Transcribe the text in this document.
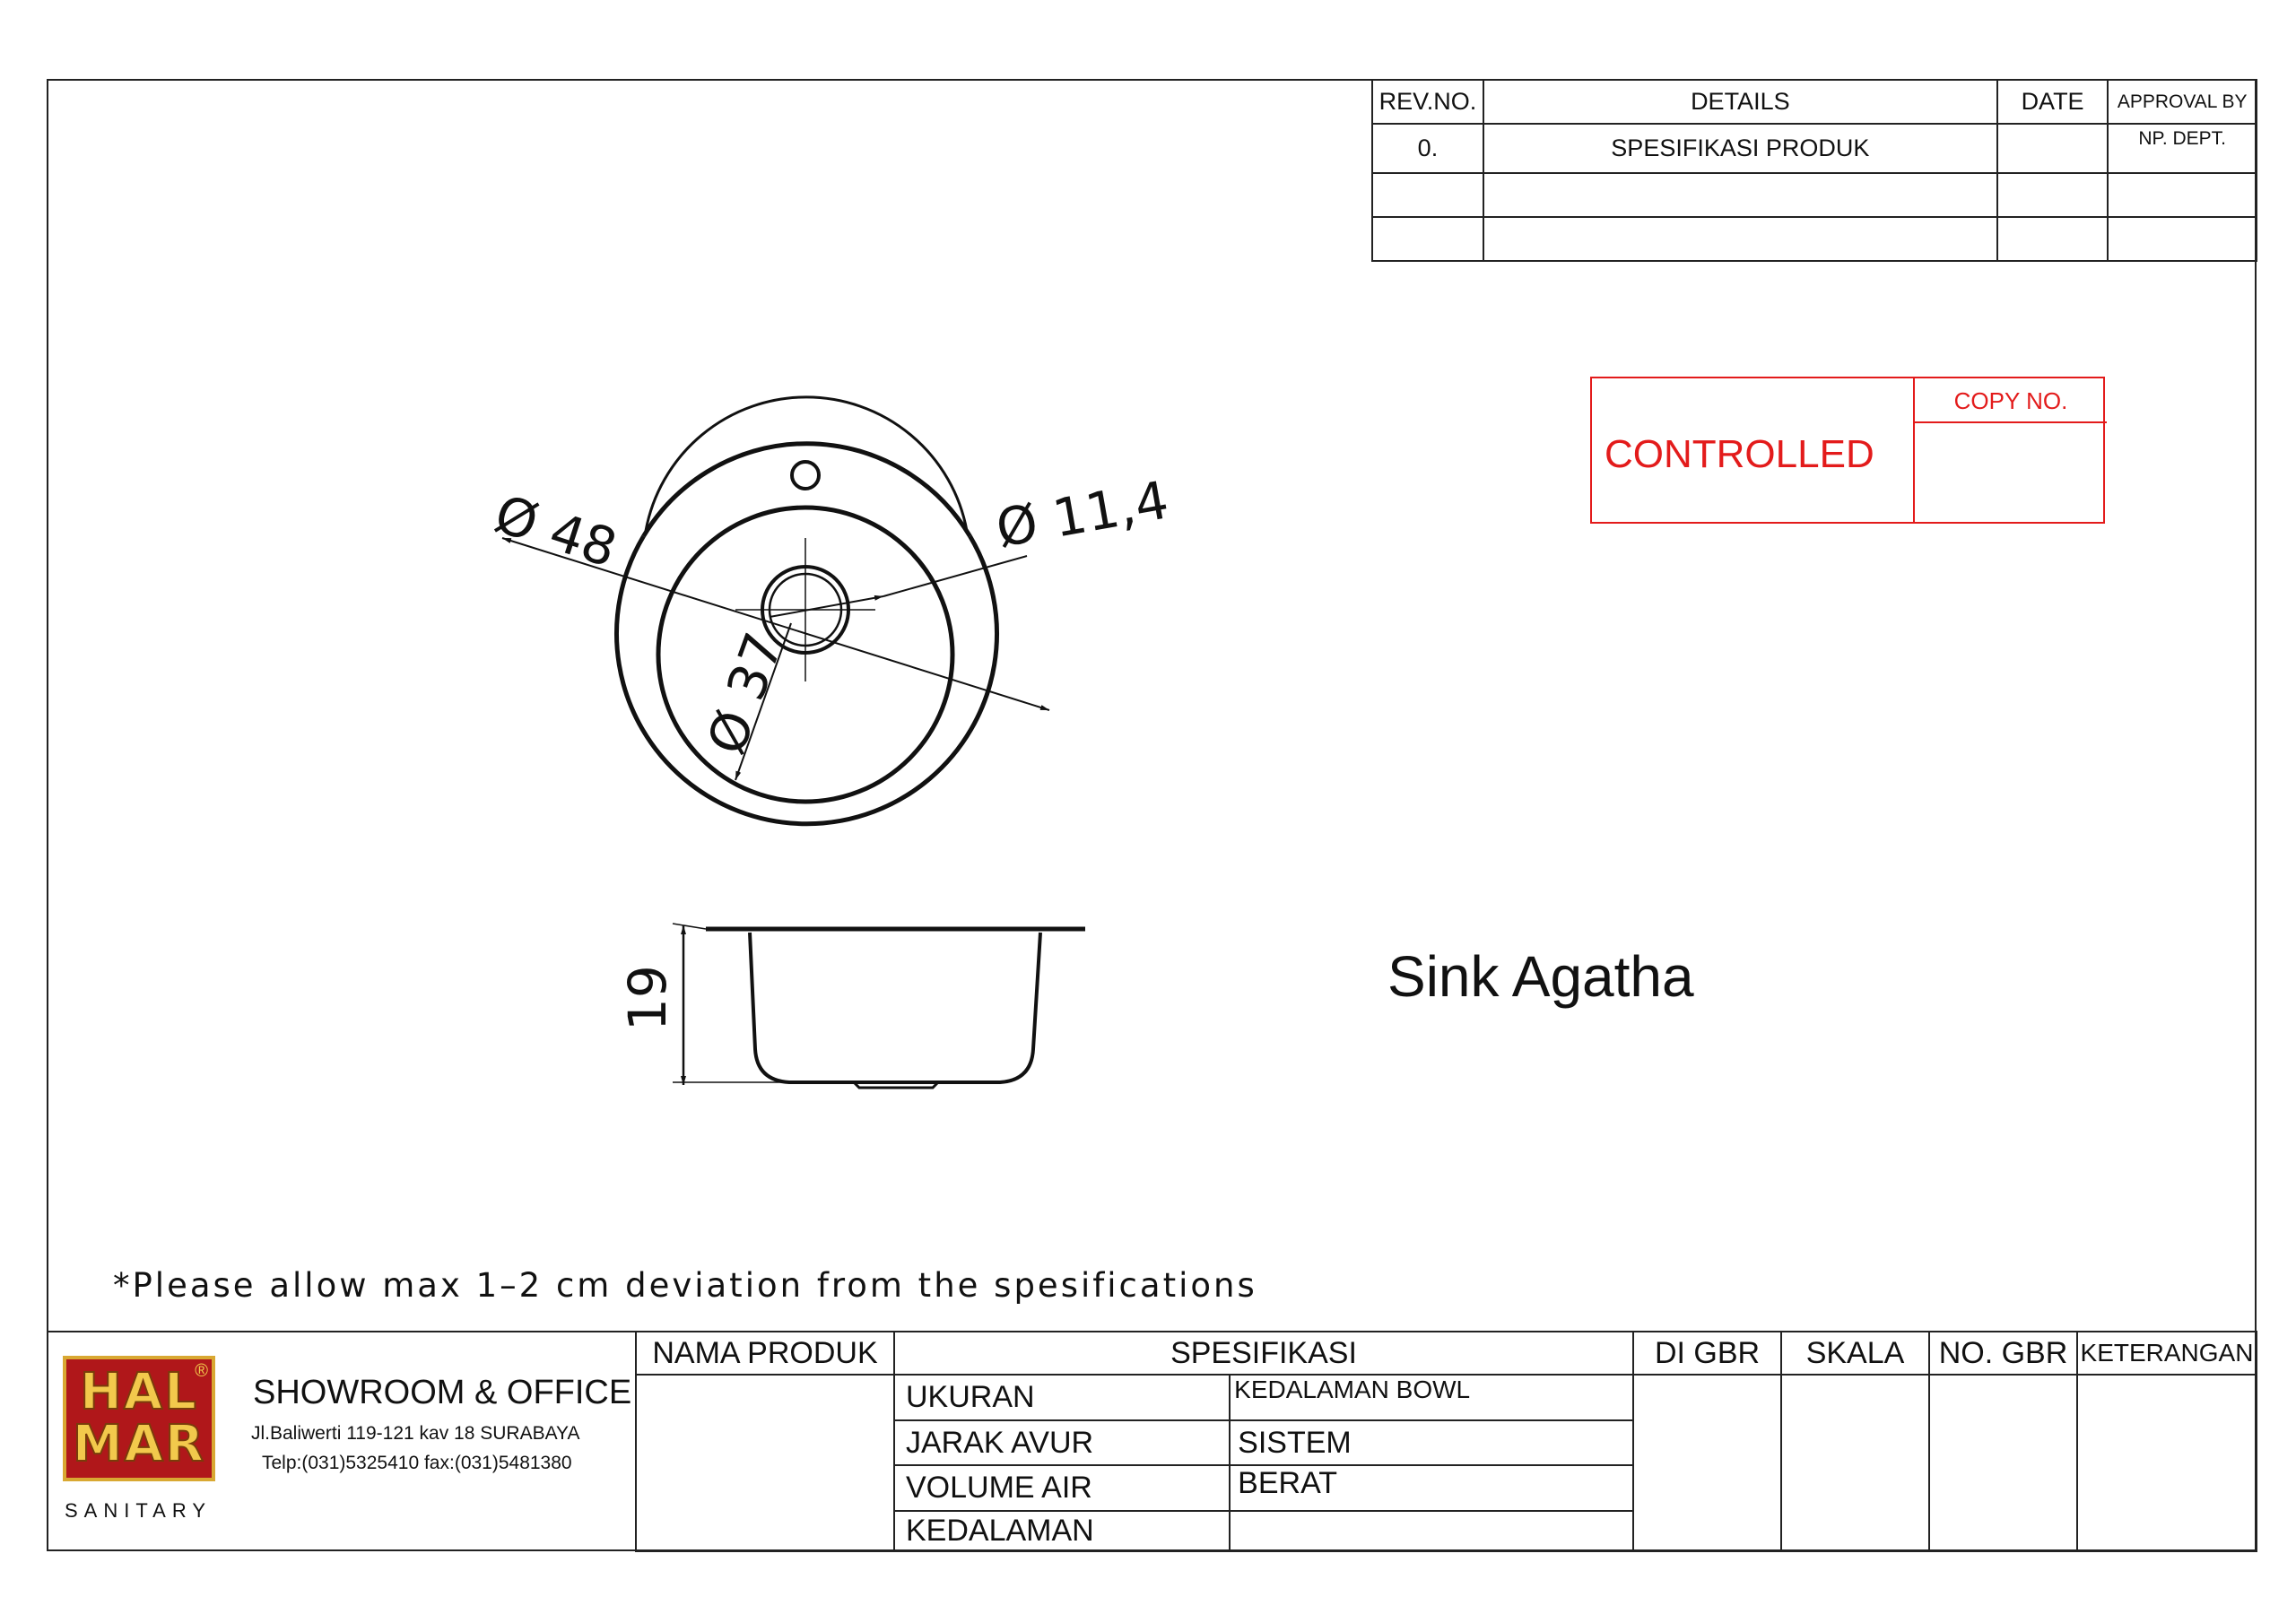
REV.NO.	DETAILS	DATE	APPROVAL BY
0.	SPESIFIKASI PRODUK		NP. DEPT.

CONTROLLED
COPY NO.
Ø 48	Ø 11,4
Ø 37
19	Sink Agatha
*Please allow max 1–2 cm deviation from the spesifications
HAL
MAR
®
SANITARY
SHOWROOM & OFFICE
Jl.Baliwerti 119-121 kav 18 SURABAYA
Telp:(031)5325410 fax:(031)5481380
NAMA PRODUK	SPESIFIKASI		DI GBR	SKALA	NO. GBR	KETERANGAN
	UKURAN	KEDALAMAN BOWL				
	JARAK AVUR	SISTEM				
	VOLUME AIR	BERAT				
	KEDALAMAN					
